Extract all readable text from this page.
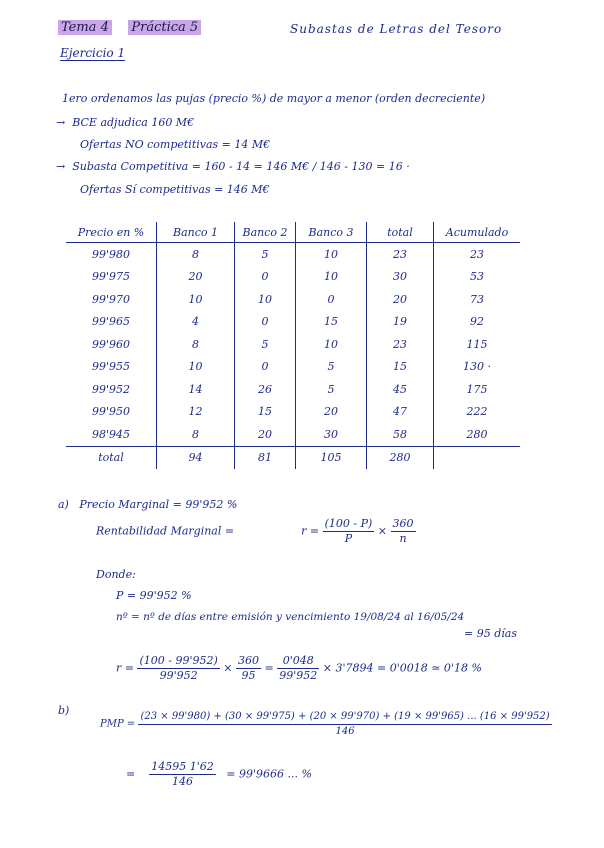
Tema 4 Práctica 5	Subastas de Letras del Tesoro
Ejercicio 1
1ero ordenamos las pujas (precio %) de mayor a menor (orden decreciente)
→ BCE adjudica 160 M€
Ofertas NO competitivas = 14 M€
→ Subasta Competitiva = 160 - 14 = 146 M€ / 146 - 130 = 16 ·
Ofertas Sí competitivas = 146 M€
Precio en %	Banco 1	Banco 2	Banco 3	total	Acumulado
99'980	8	5	10	23	23
99'975	20	0	10	30	53
99'970	10	10	0	20	73
99'965	4	0	15	19	92
99'960	8	5	10	23	115
99'955	10	0	5	15	130 ·
99'952	14	26	5	45	175
99'950	12	15	20	47	222
98'945	8	20	30	58	280
total	94	81	105	280	
a) Precio Marginal = 99'952 %
Rentabilidad Marginal =	$r = \frac{(100 - P)}{P} \times \frac{360}{n}$
Donde:
P = 99'952 %
nº = nº de días entre emisión y vencimiento 19/08/24 al 16/05/24
= 95 días
$r = \frac{(100 - 99'952)}{99'952} \times \frac{360}{95} = \frac{0'048}{99'952} \times 3'7894 = 0'0018$ ≃ 0'18 %
b)
PMP =
(23 × 99'980) + (30 × 99'975) + (20 × 99'970) + (19 × 99'965) ... (16 × 99'952)
146
= $\frac{14595 1'62}{146} = 99'9666$ ... %
